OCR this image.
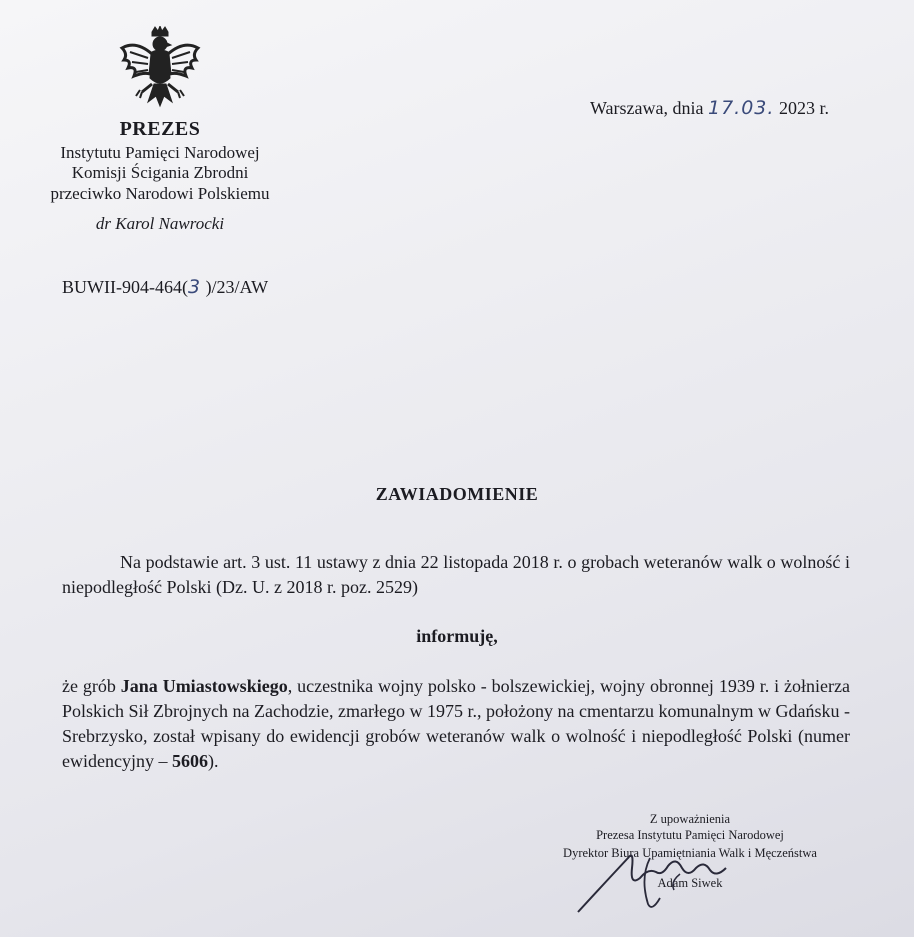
PREZES
Instytutu Pamięci Narodowej
Komisji Ścigania Zbrodni
przeciwko Narodowi Polskiemu
dr Karol Nawrocki
Warszawa, dnia 17.03. 2023 r.
BUWII-904-464(3 )/23/AW
ZAWIADOMIENIE
Na podstawie art. 3 ust. 11 ustawy z dnia 22 listopada 2018 r. o grobach weteranów walk o wolność i niepodległość Polski (Dz. U. z 2018 r. poz. 2529)
informuję,
że grób Jana Umiastowskiego, uczestnika wojny polsko - bolszewickiej, wojny obronnej 1939 r. i żołnierza Polskich Sił Zbrojnych na Zachodzie, zmarłego w 1975 r., położony na cmentarzu komunalnym w Gdańsku - Srebrzysko, został wpisany do ewidencji grobów weteranów walk o wolność i niepodległość Polski (numer ewidencyjny – 5606).
Z upoważnienia
Prezesa Instytutu Pamięci Narodowej
Dyrektor Biura Upamiętniania Walk i Męczeństwa
Adam Siwek
